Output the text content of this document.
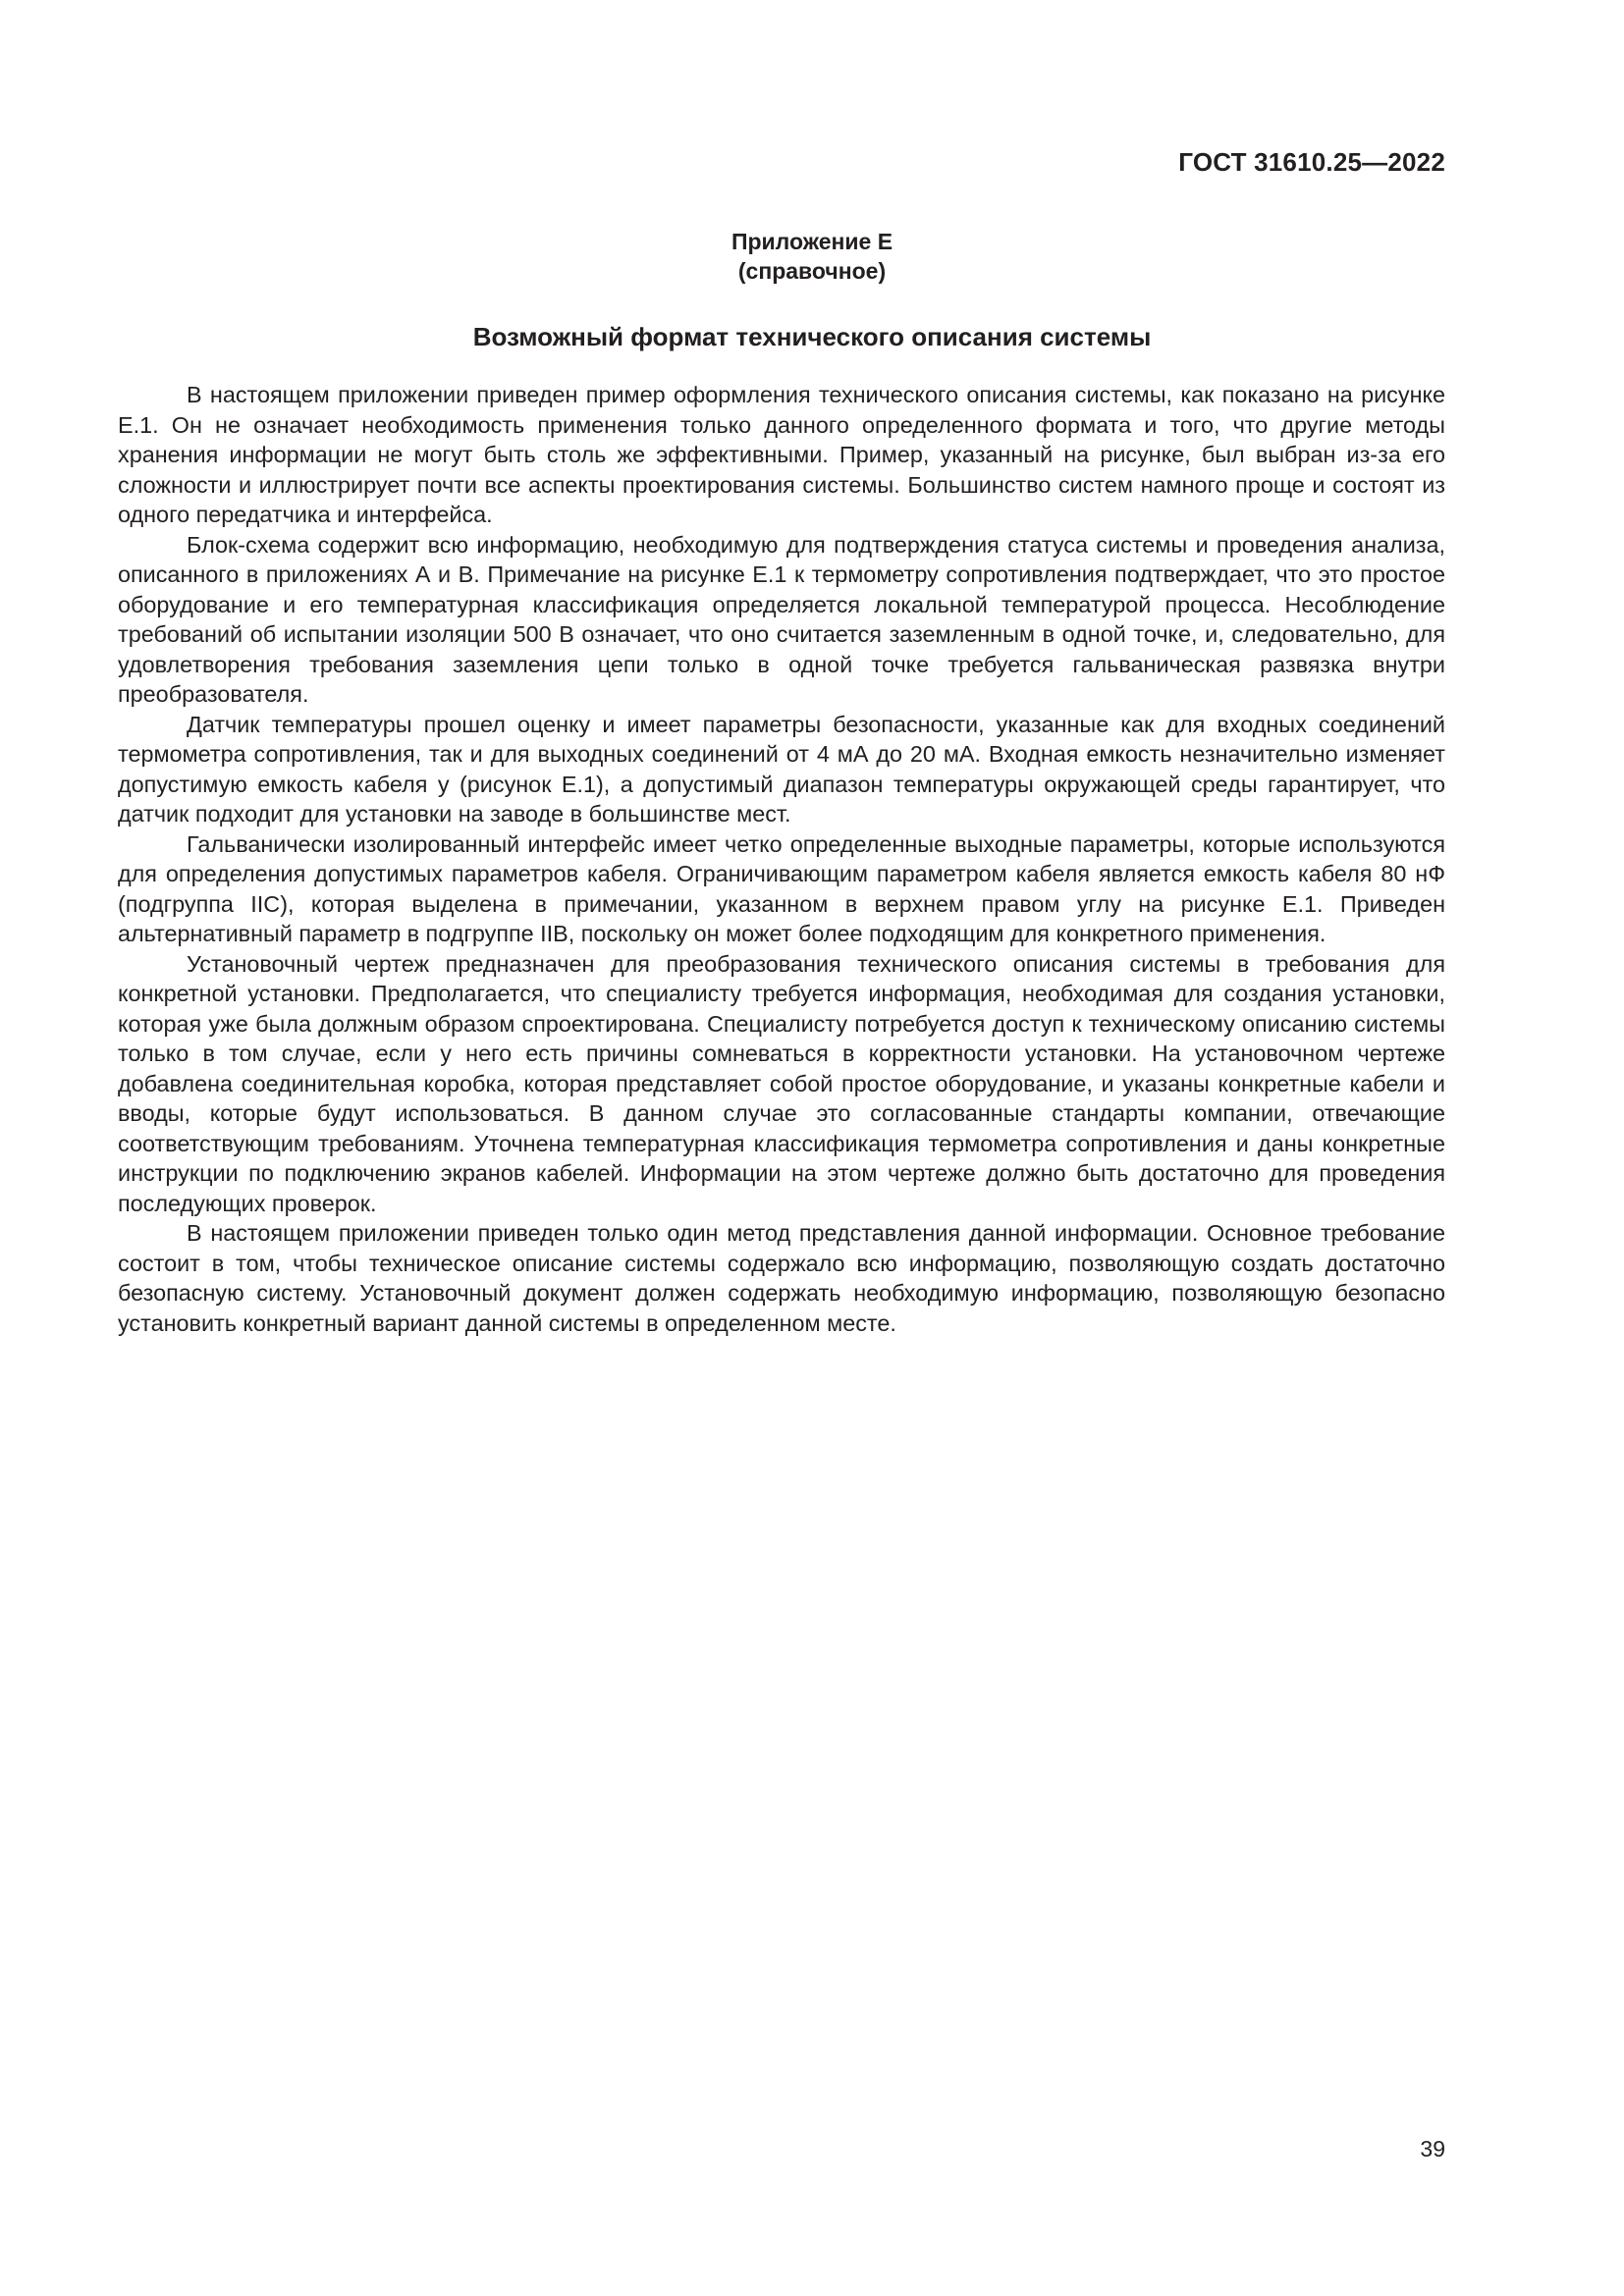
ГОСТ 31610.25—2022
Приложение E
(справочное)
Возможный формат технического описания системы

В настоящем приложении приведен пример оформления технического описания системы, как показано на рисунке Е.1. Он не означает необходимость применения только данного определенного формата и того, что другие методы хранения информации не могут быть столь же эффективными. Пример, указанный на рисунке, был выбран из-за его сложности и иллюстрирует почти все аспекты проектирования системы. Большинство систем намного проще и состоят из одного передатчика и интерфейса.

Блок-схема содержит всю информацию, необходимую для подтверждения статуса системы и проведения анализа, описанного в приложениях А и В. Примечание на рисунке Е.1 к термометру сопротивления подтверждает, что это простое оборудование и его температурная классификация определяется локальной температурой процесса. Несоблюдение требований об испытании изоляции 500 В означает, что оно считается заземленным в одной точке, и, следовательно, для удовлетворения требования заземления цепи только в одной точке требуется гальваническая развязка внутри преобразователя.

Датчик температуры прошел оценку и имеет параметры безопасности, указанные как для входных соединений термометра сопротивления, так и для выходных соединений от 4 мА до 20 мА. Входная емкость незначительно изменяет допустимую емкость кабеля у (рисунок Е.1), а допустимый диапазон температуры окружающей среды гарантирует, что датчик подходит для установки на заводе в большинстве мест.

Гальванически изолированный интерфейс имеет четко определенные выходные параметры, которые используются для определения допустимых параметров кабеля. Ограничивающим параметром кабеля является емкость кабеля 80 нФ (подгруппа IIC), которая выделена в примечании, указанном в верхнем правом углу на рисунке Е.1. Приведен альтернативный параметр в подгруппе IIB, поскольку он может более подходящим для конкретного применения.

Установочный чертеж предназначен для преобразования технического описания системы в требования для конкретной установки. Предполагается, что специалисту требуется информация, необходимая для создания установки, которая уже была должным образом спроектирована. Специалисту потребуется доступ к техническому описанию системы только в том случае, если у него есть причины сомневаться в корректности установки. На установочном чертеже добавлена соединительная коробка, которая представляет собой простое оборудование, и указаны конкретные кабели и вводы, которые будут использоваться. В данном случае это согласованные стандарты компании, отвечающие соответствующим требованиям. Уточнена температурная классификация термометра сопротивления и даны конкретные инструкции по подключению экранов кабелей. Информации на этом чертеже должно быть достаточно для проведения последующих проверок.

В настоящем приложении приведен только один метод представления данной информации. Основное требование состоит в том, чтобы техническое описание системы содержало всю информацию, позволяющую создать достаточно безопасную систему. Установочный документ должен содержать необходимую информацию, позволяющую безопасно установить конкретный вариант данной системы в определенном месте.

39
